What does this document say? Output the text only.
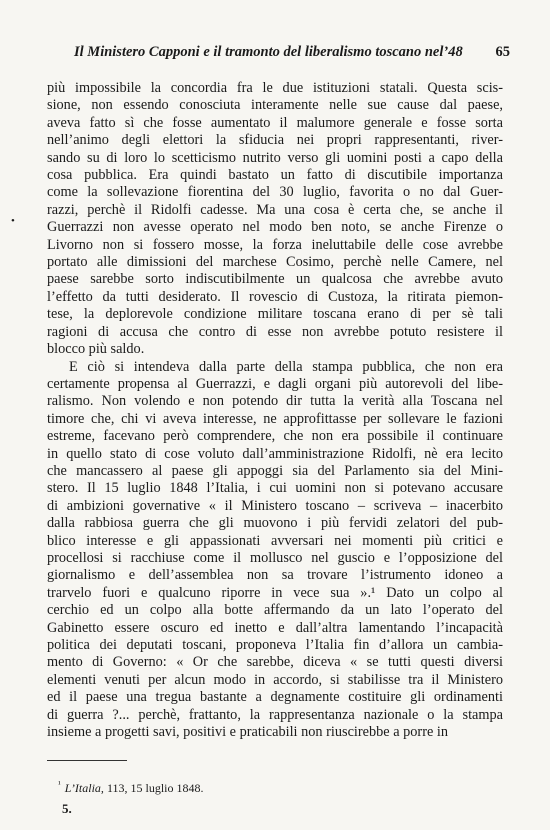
Il Ministero Capponi e il tramonto del liberalismo toscano nel’48 65
•
più impossibile la concordia fra le due istituzioni statali. Questa scis-
sione, non essendo conosciuta interamente nelle sue cause dal paese,
aveva fatto sì che fosse aumentato il malumore generale e fosse sorta
nell’animo degli elettori la sfiducia nei propri rappresentanti, river-
sando su di loro lo scetticismo nutrito verso gli uomini posti a capo della
cosa pubblica. Era quindi bastato un fatto di discutibile importanza
come la sollevazione fiorentina del 30 luglio, favorita o no dal Guer-
razzi, perchè il Ridolfi cadesse. Ma una cosa è certa che, se anche il
Guerrazzi non avesse operato nel modo ben noto, se anche Firenze o
Livorno non si fossero mosse, la forza ineluttabile delle cose avrebbe
portato alle dimissioni del marchese Cosimo, perchè nelle Camere, nel
paese sarebbe sorto indiscutibilmente un qualcosa che avrebbe avuto
l’effetto da tutti desiderato. Il rovescio di Custoza, la ritirata piemon-
tese, la deplorevole condizione militare toscana erano di per sè tali
ragioni di accusa che contro di esse non avrebbe potuto resistere il
blocco più saldo.
E ciò si intendeva dalla parte della stampa pubblica, che non era
certamente propensa al Guerrazzi, e dagli organi più autorevoli del libe-
ralismo. Non volendo e non potendo dir tutta la verità alla Toscana nel
timore che, chi vi aveva interesse, ne approfittasse per sollevare le fazioni
estreme, facevano però comprendere, che non era possibile il continuare
in quello stato di cose voluto dall’amministrazione Ridolfi, nè era lecito
che mancassero al paese gli appoggi sia del Parlamento sia del Mini-
stero. Il 15 luglio 1848 l’Italia, i cui uomini non si potevano accusare
di ambizioni governative « il Ministero toscano – scriveva – inacerbito
dalla rabbiosa guerra che gli muovono i più fervidi zelatori del pub-
blico interesse e gli appassionati avversari nei momenti più critici e
procellosi si racchiuse come il mollusco nel guscio e l’opposizione del
giornalismo e dell’assemblea non sa trovare l’istrumento idoneo a
trarvelo fuori e qualcuno riporre in vece sua ».¹ Dato un colpo al
cerchio ed un colpo alla botte affermando da un lato l’operato del
Gabinetto essere oscuro ed inetto e dall’altra lamentando l’incapacità
politica dei deputati toscani, proponeva l’Italia fin d’allora un cambia-
mento di Governo: « Or che sarebbe, diceva « se tutti questi diversi
elementi venuti per alcun modo in accordo, si stabilisse tra il Ministero
ed il paese una tregua bastante a degnamente costituire gli ordinamenti
di guerra ?... perchè, frattanto, la rappresentanza nazionale o la stampa
insieme a progetti savi, positivi e praticabili non riuscirebbe a porre in
$^{^1}$ L’Italia, 113, 15 luglio 1848.
5.
